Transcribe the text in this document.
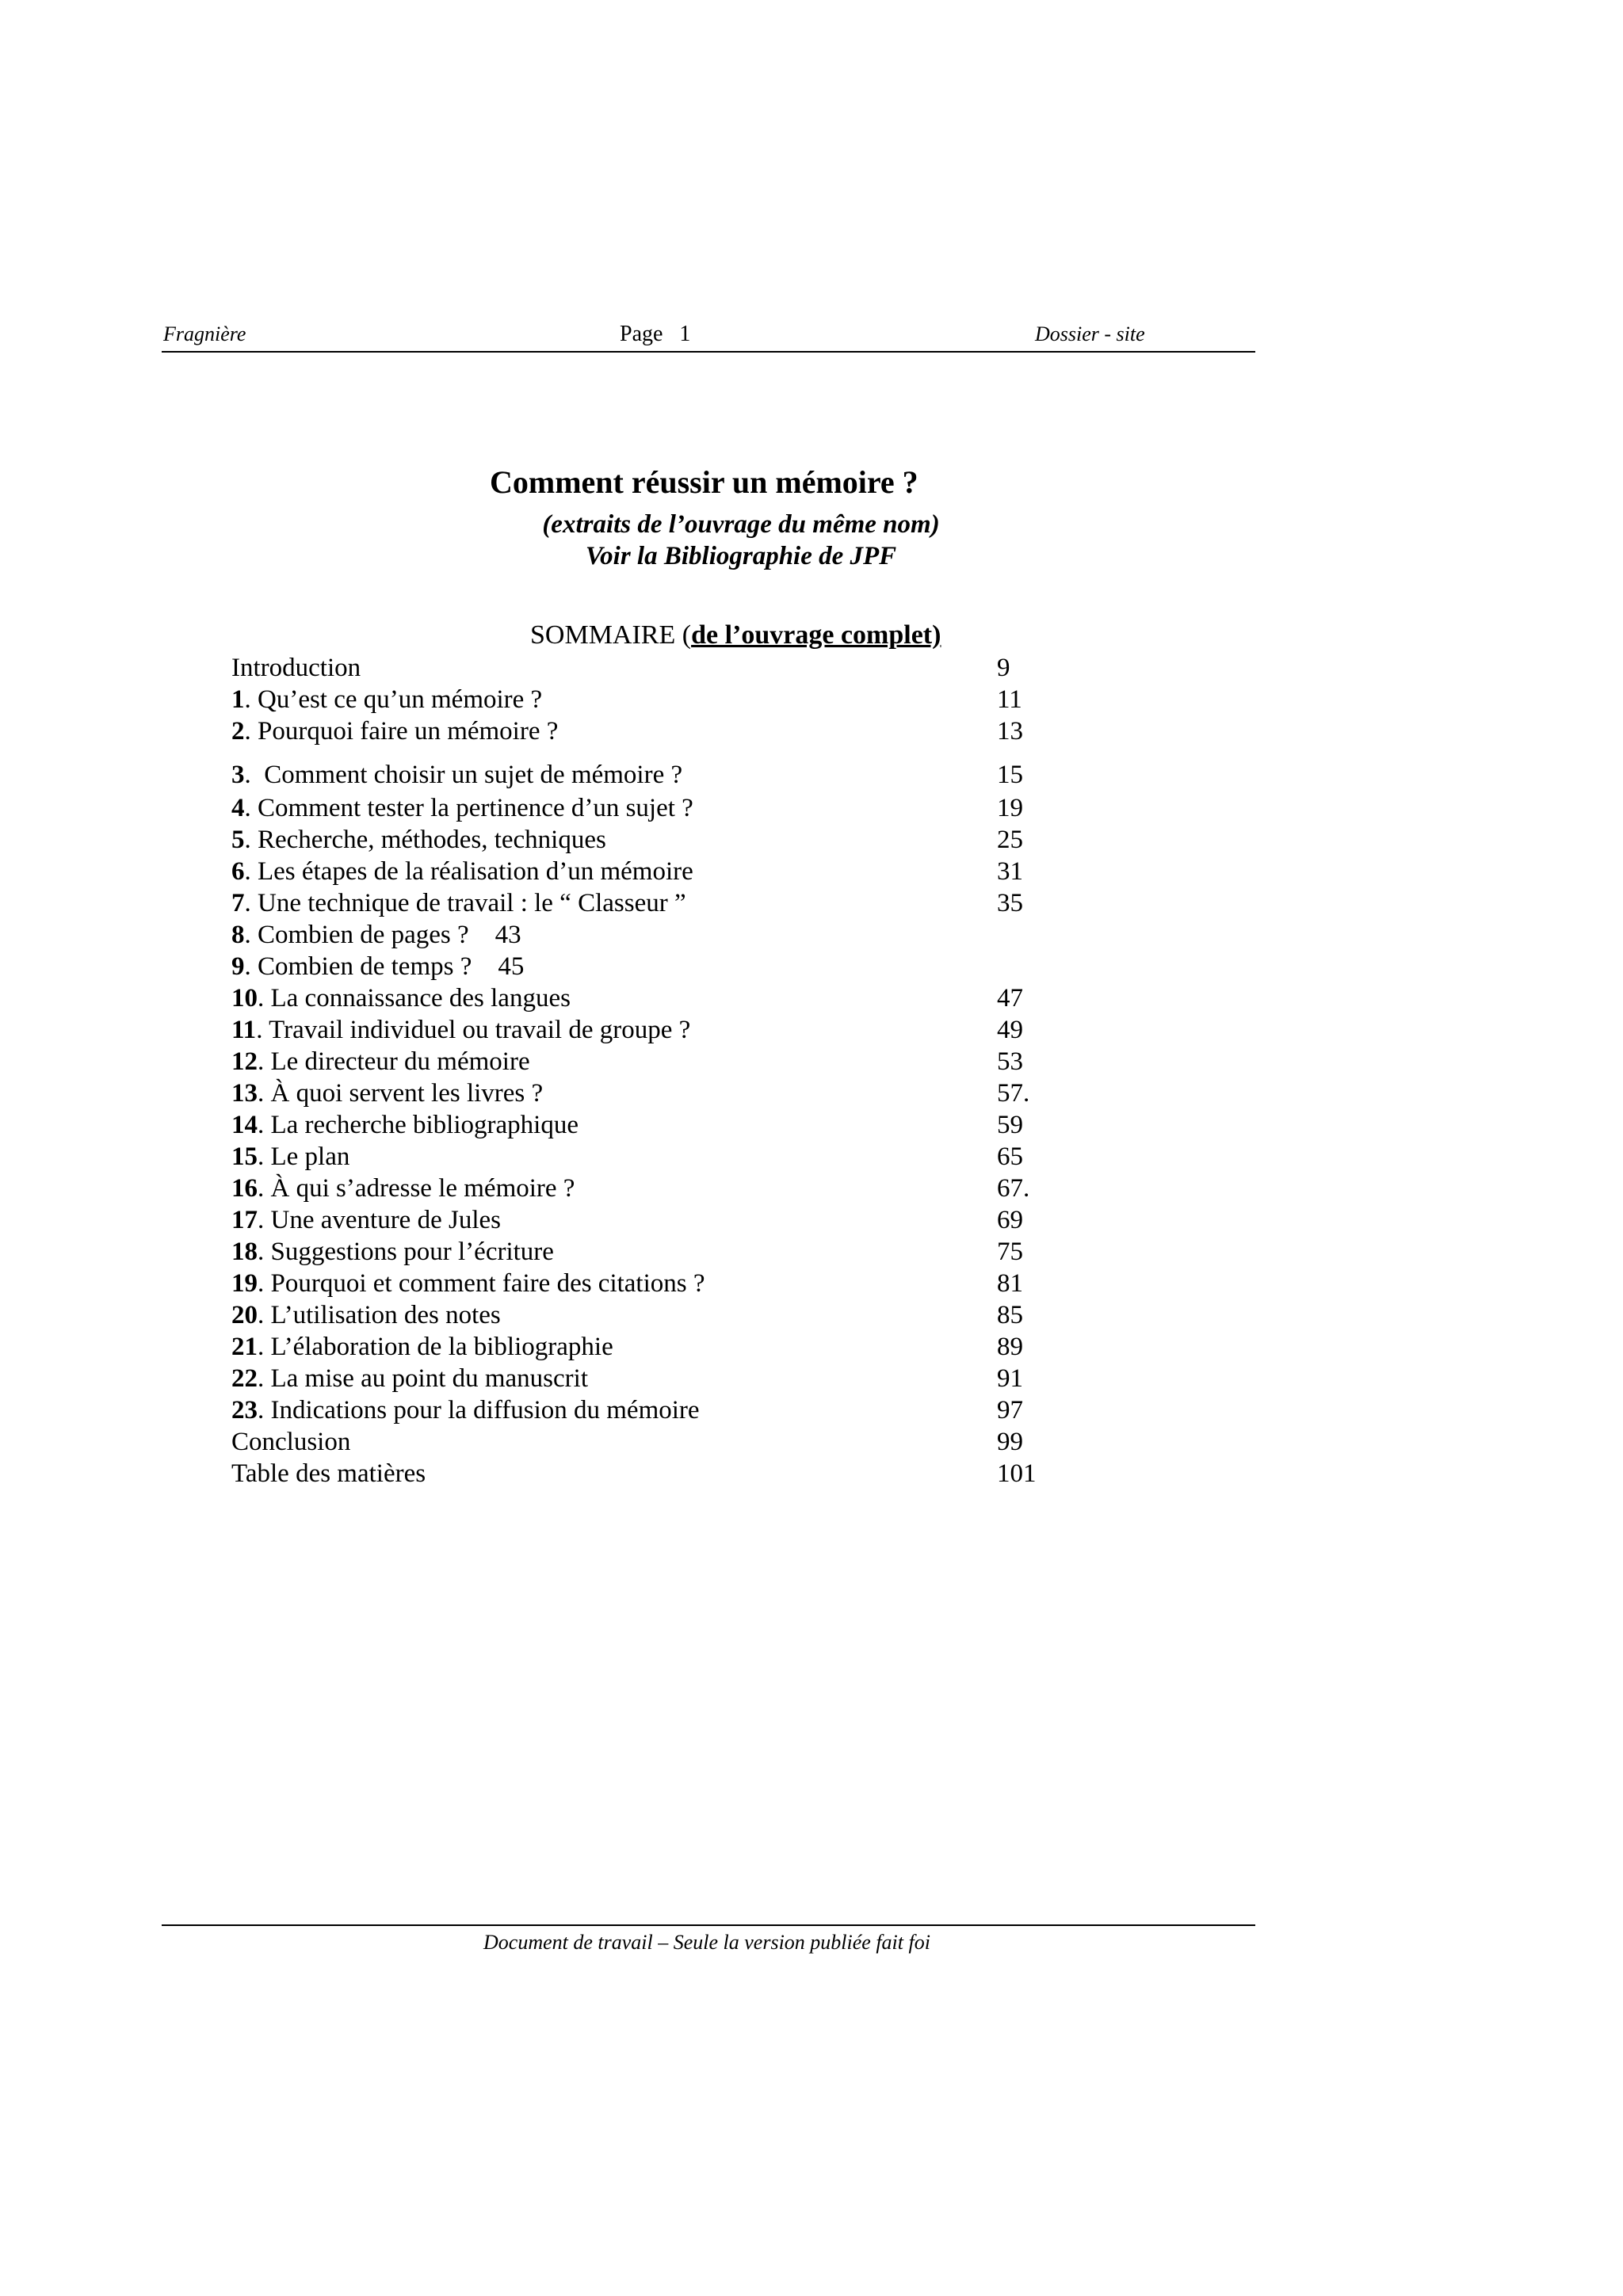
Fragnière	Page   1	Dossier - site
Comment réussir un mémoire ?
(extraits de l’ouvrage du même nom)
Voir la Bibliographie de JPF
SOMMAIRE (de l’ouvrage complet)
Introduction	9
1. Qu’est ce qu’un mémoire ?	11
2. Pourquoi faire un mémoire ?	13
3.  Comment choisir un sujet de mémoire ?	15
4. Comment tester la pertinence d’un sujet ?	19
5. Recherche, méthodes, techniques	25
6. Les étapes de la réalisation d’un mémoire	31
7. Une technique de travail : le “ Classeur ”	35
8. Combien de pages ?    43
9. Combien de temps ?    45
10. La connaissance des langues	47
11. Travail individuel ou travail de groupe ?	49
12. Le directeur du mémoire	53
13. À quoi servent les livres ?	57.
14. La recherche bibliographique	59
15. Le plan	65
16. À qui s’adresse le mémoire ?	67.
17. Une aventure de Jules	69
18. Suggestions pour l’écriture	75
19. Pourquoi et comment faire des citations ?	81
20. L’utilisation des notes	85
21. L’élaboration de la bibliographie	89
22. La mise au point du manuscrit	91
23. Indications pour la diffusion du mémoire	97
Conclusion	99
Table des matières	101
Document de travail – Seule la version publiée fait foi
